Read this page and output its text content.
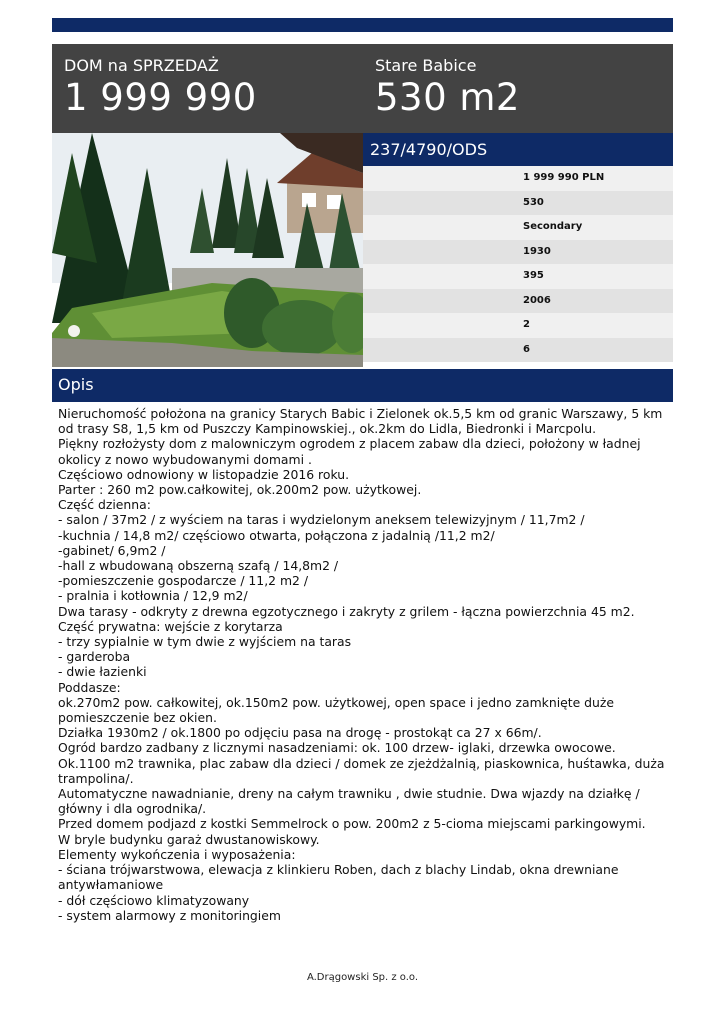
DOM na SPRZEDAŻ
1 999 990
Stare Babice
530 m2
237/4790/ODS
1 999 990 PLN
530
Secondary
1930
395
2006
2
6
Opis
Nieruchomość położona na granicy Starych Babic i Zielonek ok.5,5 km od granic Warszawy, 5 km
od trasy S8, 1,5 km od Puszczy Kampinowskiej., ok.2km do Lidla, Biedronki i Marcpolu.
Piękny rozłożysty dom z malowniczym ogrodem z placem zabaw dla dzieci, położony w ładnej
okolicy z nowo wybudowanymi domami .
Częściowo odnowiony w listopadzie 2016 roku.
Parter : 260 m2 pow.całkowitej, ok.200m2 pow. użytkowej.
Część dzienna:
- salon / 37m2 / z wyściem na taras i wydzielonym aneksem telewizyjnym / 11,7m2 /
-kuchnia / 14,8 m2/ częściowo otwarta, połączona z jadalnią /11,2 m2/
-gabinet/ 6,9m2 /
-hall z wbudowaną obszerną szafą / 14,8m2 /
-pomieszczenie gospodarcze / 11,2 m2 /
- pralnia i kotłownia / 12,9 m2/
Dwa tarasy - odkryty z drewna egzotycznego i zakryty z grilem - łączna powierzchnia 45 m2.
Część prywatna: wejście z korytarza
- trzy sypialnie w tym dwie z wyjściem na taras
- garderoba
- dwie łazienki
Poddasze:
ok.270m2 pow. całkowitej, ok.150m2 pow. użytkowej, open space i jedno zamknięte duże
pomieszczenie bez okien.
Działka 1930m2 / ok.1800 po odjęciu pasa na drogę - prostokąt ca 27 x 66m/.
Ogród bardzo zadbany z licznymi nasadzeniami: ok. 100 drzew- iglaki, drzewka owocowe.
Ok.1100 m2 trawnika, plac zabaw dla dzieci / domek ze zjeżdżalnią, piaskownica, huśtawka, duża
trampolina/.
Automatyczne nawadnianie, dreny na całym trawniku , dwie studnie. Dwa wjazdy na działkę /
główny i dla ogrodnika/.
Przed domem podjazd z kostki Semmelrock o pow. 200m2 z 5-cioma miejscami parkingowymi.
W bryle budynku garaż dwustanowiskowy.
Elementy wykończenia i wyposażenia:
- ściana trójwarstwowa, elewacja z klinkieru Roben, dach z blachy Lindab, okna drewniane
antywłamaniowe
- dół częściowo klimatyzowany
- system alarmowy z monitoringiem
A.Drągowski Sp. z o.o.
